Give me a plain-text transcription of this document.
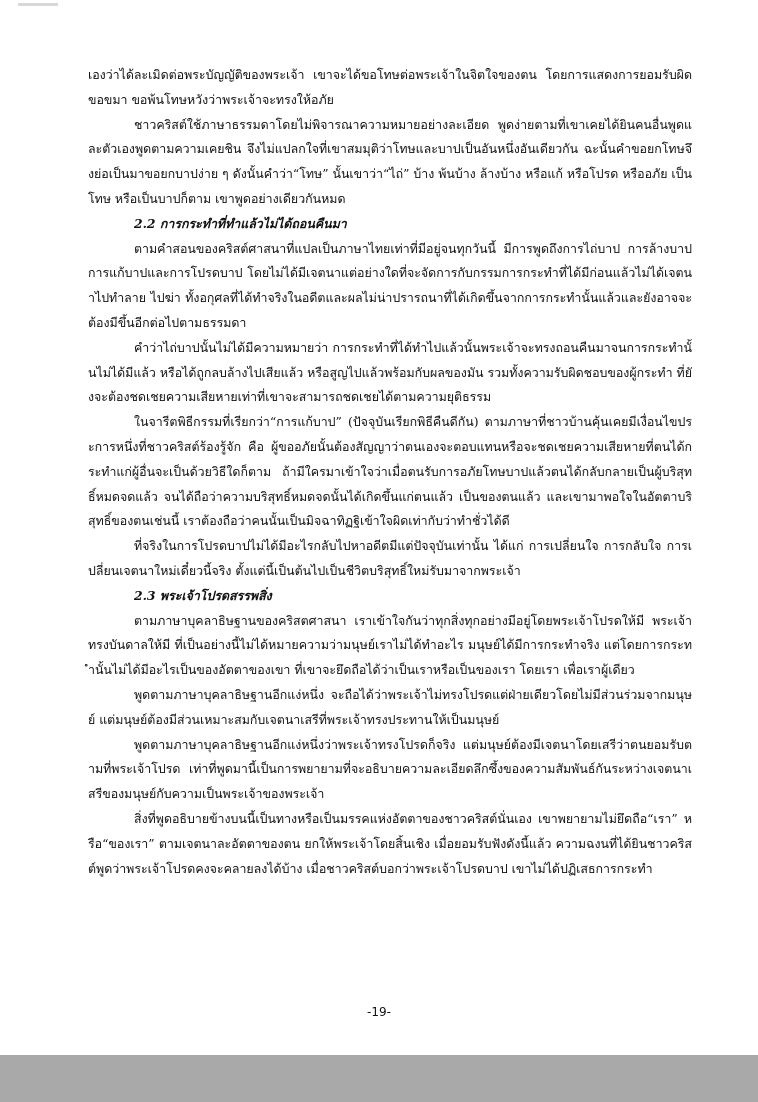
เองว่าได้ละเมิดต่อพระบัญญัติของพระเจ้า เขาจะได้ขอโทษต่อพระเจ้าในจิตใจของตน โดยการแสดงการยอมรับผิด ขอขมา ขอพ้นโทษหวังว่าพระเจ้าจะทรงให้อภัย

ชาวคริสต์ใช้ภาษาธรรมดาโดยไม่พิจารณาความหมายอย่างละเอียด พูดง่ายตามที่เขาเคยได้ยินคนอื่นพูดและตัวเองพูดตามความเคยชิน จึงไม่แปลกใจที่เขาสมมุติว่าโทษและบาปเป็นอันหนึ่งอันเดียวกัน ฉะนั้นคำขอยกโทษจึงย่อเป็นมาขอยกบาปง่าย ๆ ดังนั้นคำว่า“โทษ” นั้นเขาว่า“ไถ่” บ้าง พ้นบ้าง ล้างบ้าง หรือแก้ หรือโปรด หรืออภัย เป็นโทษ หรือเป็นบาปก็ตาม เขาพูดอย่างเดียวกันหมด

2.2 การกระทำที่ทำแล้วไม่ได้ถอนคืนมา

ตามคำสอนของคริสต์ศาสนาที่แปลเป็นภาษาไทยเท่าที่มีอยู่จนทุกวันนี้ มีการพูดถึงการไถ่บาป การล้างบาป การแก้บาปและการโปรดบาป โดยไม่ได้มีเจตนาแต่อย่างใดที่จะจัดการกับกรรมการกระทำที่ได้มีก่อนแล้วไม่ได้เจตนาไปทำลาย ไปฆ่า ทั้งอกุศลที่ได้ทำจริงในอดีตและผลไม่น่าปรารถนาที่ได้เกิดขึ้นจากการกระทำนั้นแล้วและยังอาจจะต้องมีขึ้นอีกต่อไปตามธรรมดา

คำว่าไถ่บาปนั้นไม่ได้มีความหมายว่า การกระทำที่ได้ทำไปแล้วนั้นพระเจ้าจะทรงถอนคืนมาจนการกระทำนั้นไม่ได้มีแล้ว หรือได้ถูกลบล้างไปเสียแล้ว หรือสูญไปแล้วพร้อมกับผลของมัน รวมทั้งความรับผิดชอบของผู้กระทำ ที่ยังจะต้องชดเชยความเสียหายเท่าที่เขาจะสามารถชดเชยได้ตามความยุติธรรม

ในจารีตพิธีกรรมที่เรียกว่า“การแก้บาป” (ปัจจุบันเรียกพิธีคืนดีกัน) ตามภาษาที่ชาวบ้านคุ้นเคยมีเงื่อนไขประการหนึ่งที่ชาวคริสต์ร้องรู้จัก คือ ผู้ขออภัยนั้นต้องสัญญาว่าตนเองจะตอบแทนหรือจะชดเชยความเสียหายที่ตนได้กระทำแก่ผู้อื่นจะเป็นด้วยวิธีใดก็ตาม ถ้ามีใครมาเข้าใจว่าเมื่อตนรับการอภัยโทษบาปแล้วตนได้กลับกลายเป็นผู้บริสุทธิ์หมดจดแล้ว จนได้ถือว่าความบริสุทธิ์หมดจดนั้นได้เกิดขึ้นแก่ตนแล้ว เป็นของตนแล้ว และเขามาพอใจในอัตตาบริสุทธิ์ของตนเช่นนี้ เราต้องถือว่าคนนั้นเป็นมิจฉาทิฏฐิเข้าใจผิดเท่ากับว่าทำชั่วได้ดี

ที่จริงในการโปรดบาปไม่ได้มีอะไรกลับไปหาอดีตมีแต่ปัจจุบันเท่านั้น ได้แก่ การเปลี่ยนใจ การกลับใจ การเปลี่ยนเจตนาใหม่เดี๋ยวนี้จริง ตั้งแต่นี้เป็นต้นไปเป็นชีวิตบริสุทธิ์ใหม่รับมาจากพระเจ้า

2.3 พระเจ้าโปรดสรรพสิ่ง

ตามภาษาบุคลาธิษฐานของคริสตศาสนา เราเข้าใจกันว่าทุกสิ่งทุกอย่างมีอยู่โดยพระเจ้าโปรดให้มี พระเจ้าทรงบันดาลให้มี ที่เป็นอย่างนี้ไม่ได้หมายความว่ามนุษย์เราไม่ได้ทำอะไร มนุษย์ได้มีการกระทำจริง แต่โดยการกระทำนั้นไม่ได้มีอะไรเป็นของอัตตาของเขา ที่เขาจะยึดถือได้ว่าเป็นเราหรือเป็นของเรา โดยเรา เพื่อเราผู้เดียว

พูดตามภาษาบุคลาธิษฐานอีกแง่หนึ่ง จะถือได้ว่าพระเจ้าไม่ทรงโปรดแต่ฝ่ายเดียวโดยไม่มีส่วนร่วมจากมนุษย์ แต่มนุษย์ต้องมีส่วนเหมาะสมกับเจตนาเสรีที่พระเจ้าทรงประทานให้เป็นมนุษย์

พูดตามภาษาบุคลาธิษฐานอีกแง่หนึ่งว่าพระเจ้าทรงโปรดก็จริง แต่มนุษย์ต้องมีเจตนาโดยเสรีว่าตนยอมรับตามที่พระเจ้าโปรด เท่าที่พูดมานี้เป็นการพยายามที่จะอธิบายความละเอียดลึกซึ้งของความสัมพันธ์กันระหว่างเจตนาเสรีของมนุษย์กับความเป็นพระเจ้าของพระเจ้า

สิ่งที่พูดอธิบายข้างบนนี้เป็นทางหรือเป็นมรรคแห่งอัตตาของชาวคริสต์นั่นเอง เขาพยายามไม่ยึดถือ“เรา” หรือ“ของเรา” ตามเจตนาละอัตตาของตน ยกให้พระเจ้าโดยสิ้นเชิง เมื่อยอมรับฟังดังนี้แล้ว ความฉงนที่ได้ยินชาวคริสต์พูดว่าพระเจ้าโปรดคงจะคลายลงได้บ้าง เมื่อชาวคริสต์บอกว่าพระเจ้าโปรดบาป เขาไม่ได้ปฏิเสธการกระทำ

-19-
